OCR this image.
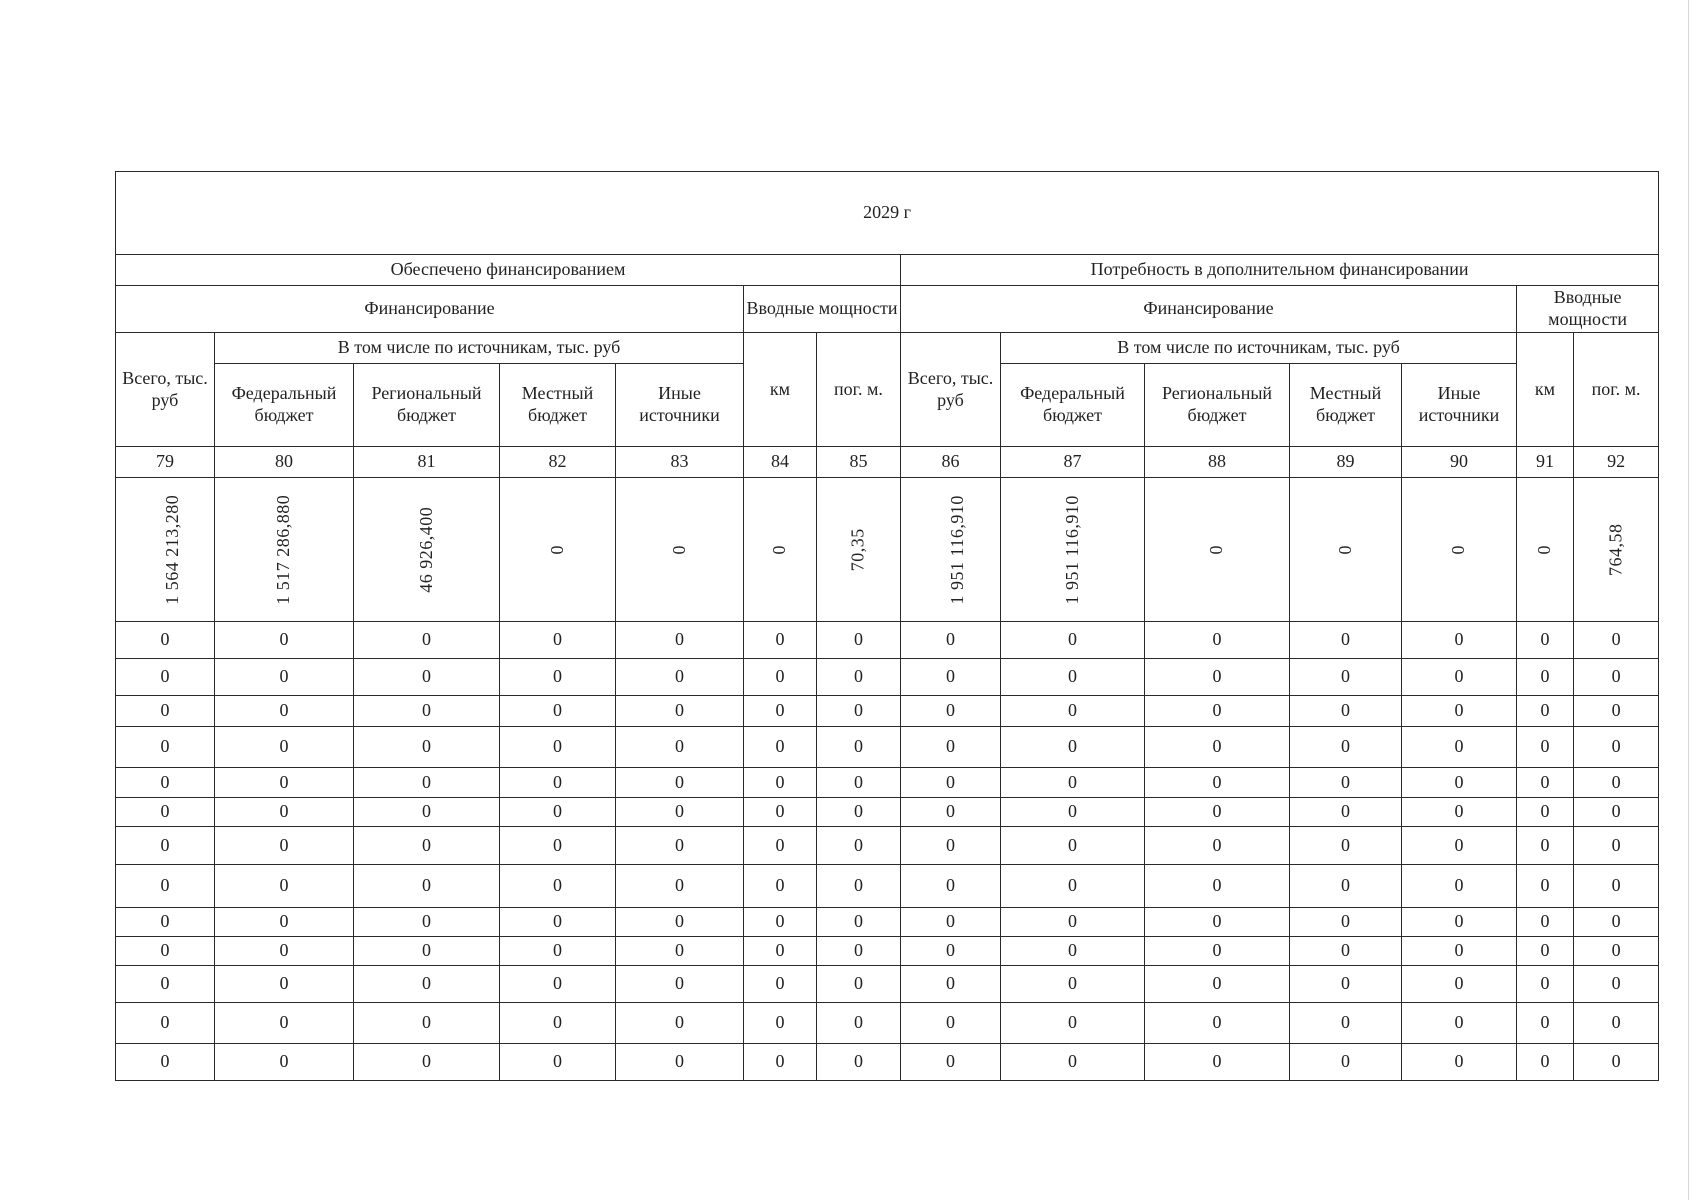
2029 г													
Обеспечено финансированием							Потребность в дополнительном финансировании						
Финансирование					Вводные мощности		Финансирование					Вводные мощности	
Всего, тыс. руб	В том числе по источникам, тыс. руб				км	пог. м.	Всего, тыс. руб	В том числе по источникам, тыс. руб				км	пог. м.
	Федеральный бюджет	Региональный бюджет	Местный бюджет	Иные источники				Федеральный бюджет	Региональный бюджет	Местный бюджет	Иные источники		
79	80	81	82	83	84	85	86	87	88	89	90	91	92
1 564 213,280	1 517 286,880	46 926,400	0	0	0	70,35	1 951 116,910	1 951 116,910	0	0	0	0	764,58
0	0	0	0	0	0	0	0	0	0	0	0	0	0
0	0	0	0	0	0	0	0	0	0	0	0	0	0
0	0	0	0	0	0	0	0	0	0	0	0	0	0
0	0	0	0	0	0	0	0	0	0	0	0	0	0
0	0	0	0	0	0	0	0	0	0	0	0	0	0
0	0	0	0	0	0	0	0	0	0	0	0	0	0
0	0	0	0	0	0	0	0	0	0	0	0	0	0
0	0	0	0	0	0	0	0	0	0	0	0	0	0
0	0	0	0	0	0	0	0	0	0	0	0	0	0
0	0	0	0	0	0	0	0	0	0	0	0	0	0
0	0	0	0	0	0	0	0	0	0	0	0	0	0
0	0	0	0	0	0	0	0	0	0	0	0	0	0
0	0	0	0	0	0	0	0	0	0	0	0	0	0
